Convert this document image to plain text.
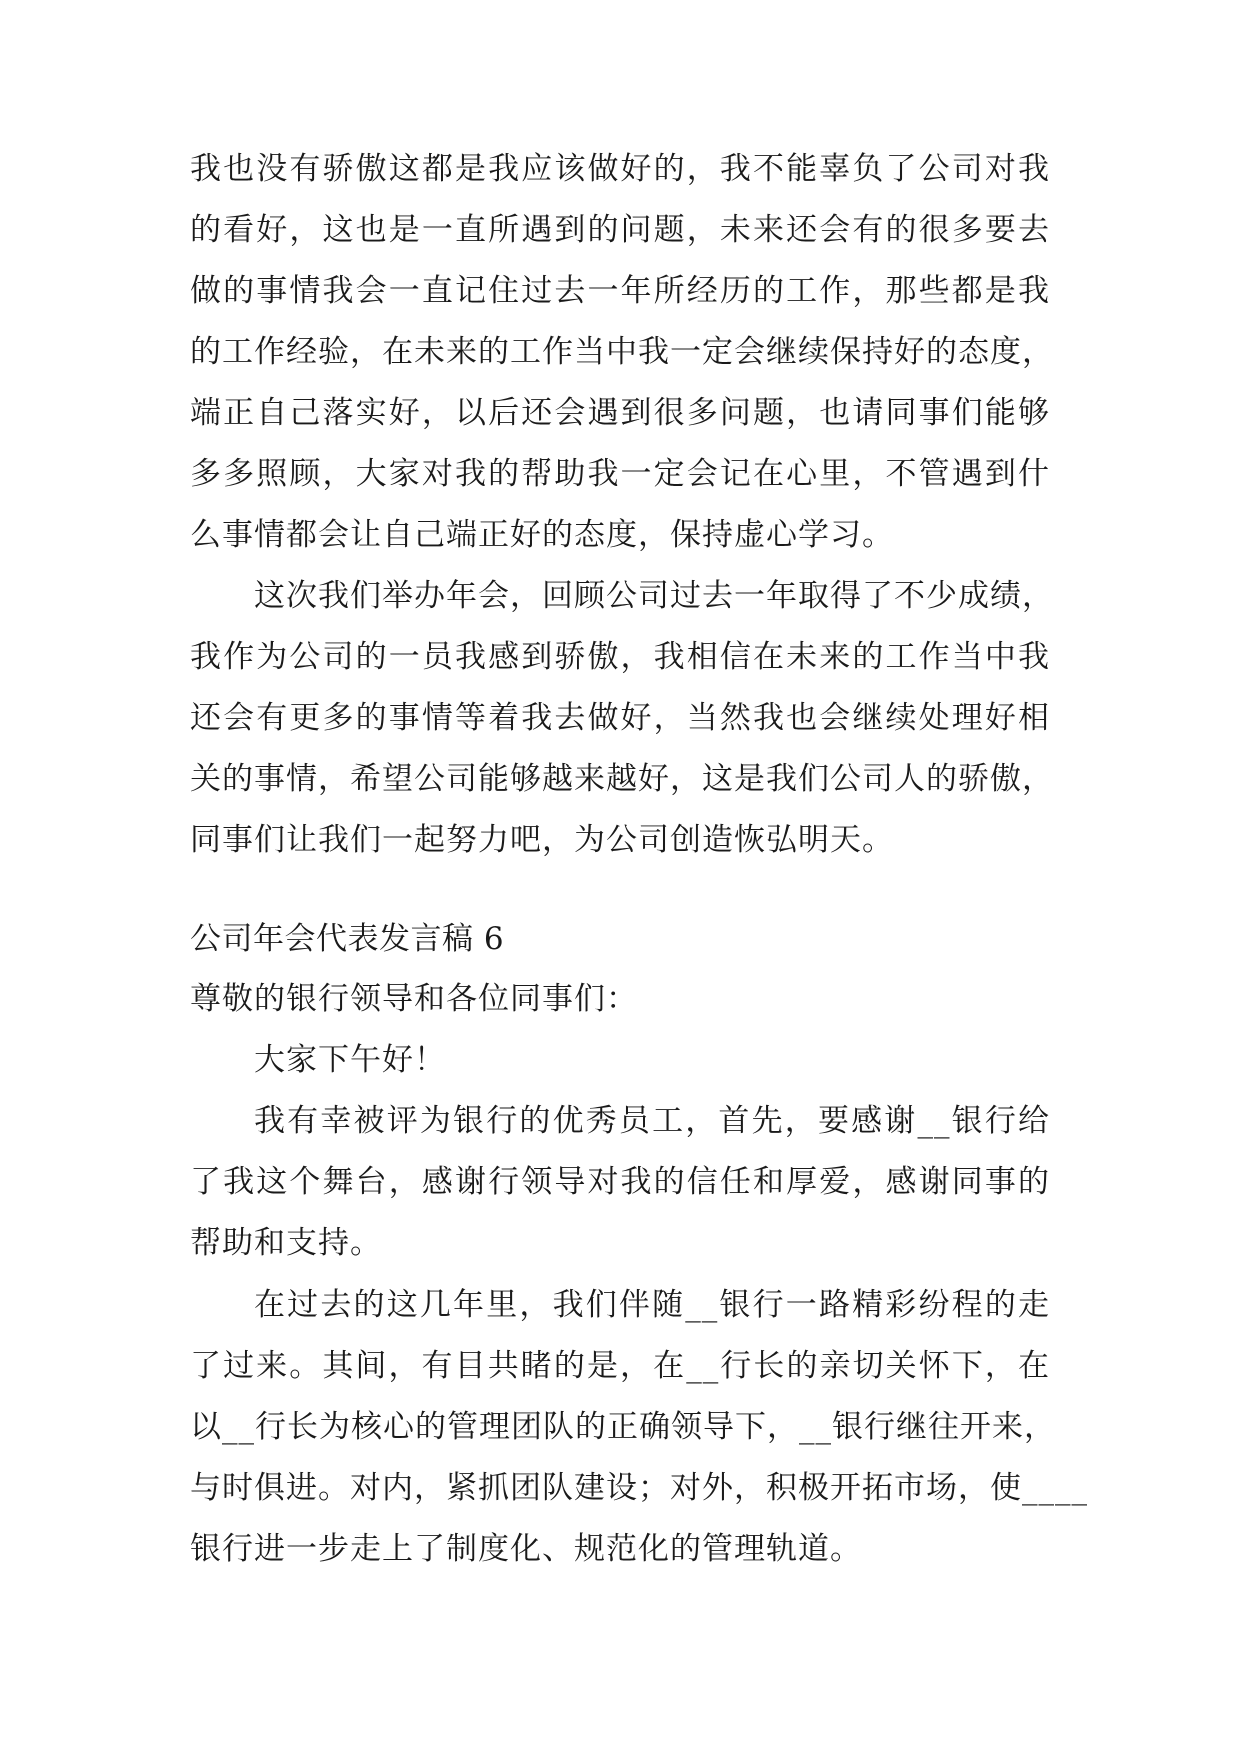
我也没有骄傲这都是我应该做好的，我不能辜负了公司对我
的看好，这也是一直所遇到的问题，未来还会有的很多要去
做的事情我会一直记住过去一年所经历的工作，那些都是我
的工作经验，在未来的工作当中我一定会继续保持好的态度，
端正自己落实好，以后还会遇到很多问题，也请同事们能够
多多照顾，大家对我的帮助我一定会记在心里，不管遇到什
么事情都会让自己端正好的态度，保持虚心学习。
这次我们举办年会，回顾公司过去一年取得了不少成绩，
我作为公司的一员我感到骄傲，我相信在未来的工作当中我
还会有更多的事情等着我去做好，当然我也会继续处理好相
关的事情，希望公司能够越来越好，这是我们公司人的骄傲，
同事们让我们一起努力吧，为公司创造恢弘明天。
公司年会代表发言稿 6
尊敬的银行领导和各位同事们：
大家下午好！
我有幸被评为银行的优秀员工，首先，要感谢__银行给
了我这个舞台，感谢行领导对我的信任和厚爱，感谢同事的
帮助和支持。
在过去的这几年里，我们伴随__银行一路精彩纷程的走
了过来。其间，有目共睹的是，在__行长的亲切关怀下，在
以__行长为核心的管理团队的正确领导下，__银行继往开来，
与时俱进。对内，紧抓团队建设；对外，积极开拓市场，使____
银行进一步走上了制度化、规范化的管理轨道。
